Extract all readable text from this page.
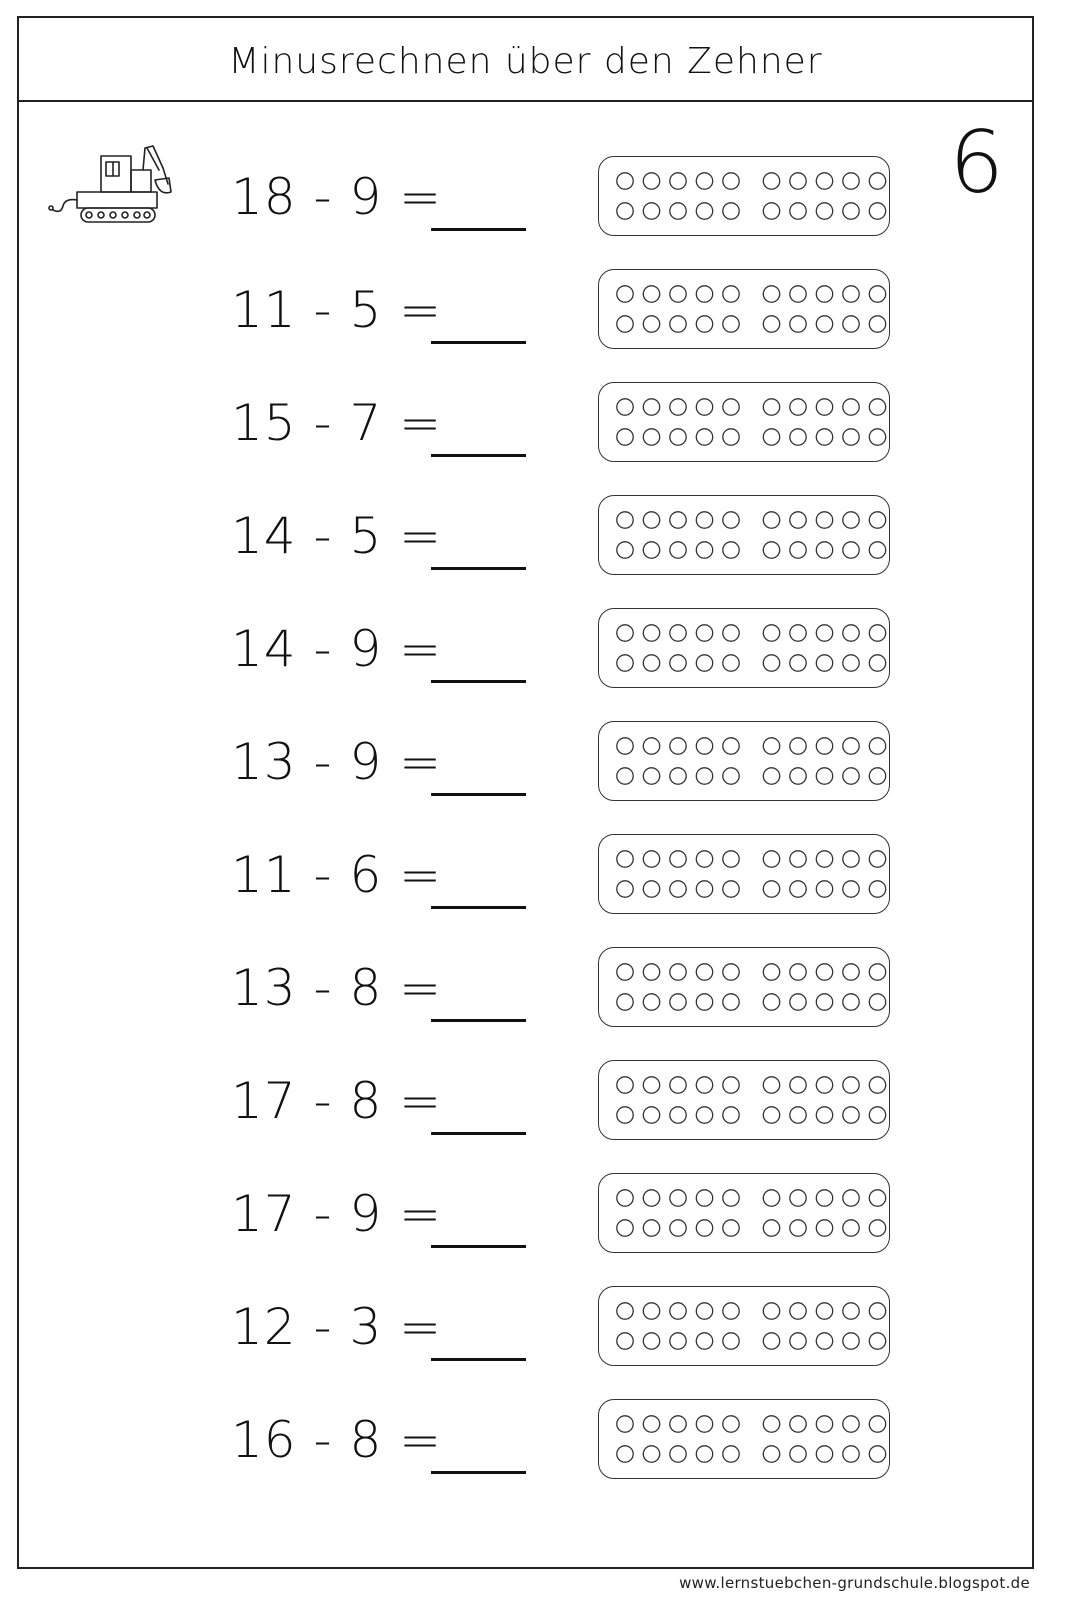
Minusrechnen über den Zehner
6
18 - 9 =
11 - 5 =
15 - 7 =
14 - 5 =
14 - 9 =
13 - 9 =
11 - 6 =
13 - 8 =
17 - 8 =
17 - 9 =
12 - 3 =
16 - 8 =
www.lernstuebchen-grundschule.blogspot.de
